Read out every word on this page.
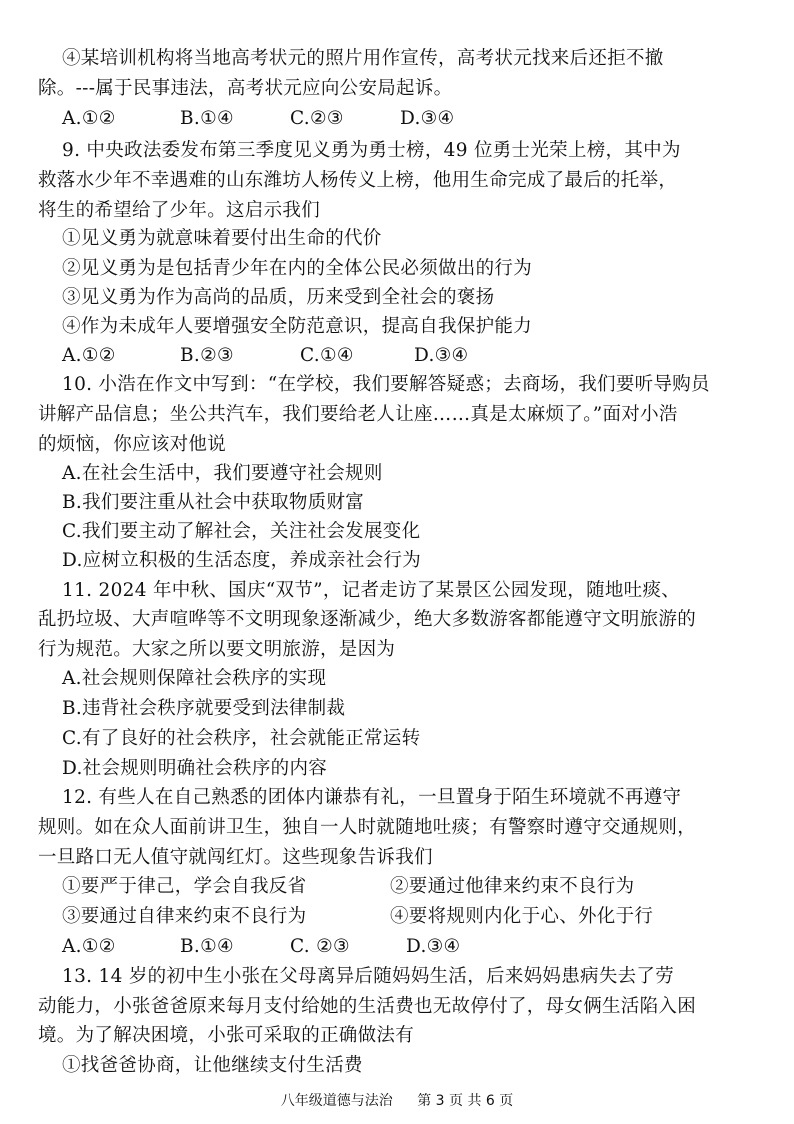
④某培训机构将当地高考状元的照片用作宣传，高考状元找来后还拒不撤
除。---属于民事违法，高考状元应向公安局起诉。
A.①②	B.①④	C.②③	D.③④
9. 中央政法委发布第三季度见义勇为勇士榜，49 位勇士光荣上榜，其中为
救落水少年不幸遇难的山东潍坊人杨传义上榜，他用生命完成了最后的托举，
将生的希望给了少年。这启示我们
①见义勇为就意味着要付出生命的代价
②见义勇为是包括青少年在内的全体公民必须做出的行为
③见义勇为作为高尚的品质，历来受到全社会的褒扬
④作为未成年人要增强安全防范意识，提高自我保护能力
A.①②	B.②③	C.①④	D.③④
10. 小浩在作文中写到：“在学校，我们要解答疑惑；去商场，我们要听导购员
讲解产品信息；坐公共汽车，我们要给老人让座……真是太麻烦了。”面对小浩
的烦恼，你应该对他说
A.在社会生活中，我们要遵守社会规则
B.我们要注重从社会中获取物质财富
C.我们要主动了解社会，关注社会发展变化
D.应树立积极的生活态度，养成亲社会行为
11. 2024 年中秋、国庆“双节”，记者走访了某景区公园发现，随地吐痰、
乱扔垃圾、大声喧哗等不文明现象逐渐减少，绝大多数游客都能遵守文明旅游的
行为规范。大家之所以要文明旅游，是因为
A.社会规则保障社会秩序的实现
B.违背社会秩序就要受到法律制裁
C.有了良好的社会秩序，社会就能正常运转
D.社会规则明确社会秩序的内容
12. 有些人在自己熟悉的团体内谦恭有礼，一旦置身于陌生环境就不再遵守
规则。如在众人面前讲卫生，独自一人时就随地吐痰；有警察时遵守交通规则，
一旦路口无人值守就闯红灯。这些现象告诉我们
①要严于律己，学会自我反省	②要通过他律来约束不良行为
③要通过自律来约束不良行为	④要将规则内化于心、外化于行
A.①②	B.①④	C. ②③	D.③④
13. 14 岁的初中生小张在父母离异后随妈妈生活，后来妈妈患病失去了劳
动能力，小张爸爸原来每月支付给她的生活费也无故停付了，母女俩生活陷入困
境。为了解决困境，小张可采取的正确做法有
①找爸爸协商，让他继续支付生活费
八年级道德与法治 第 3 页 共 6 页
